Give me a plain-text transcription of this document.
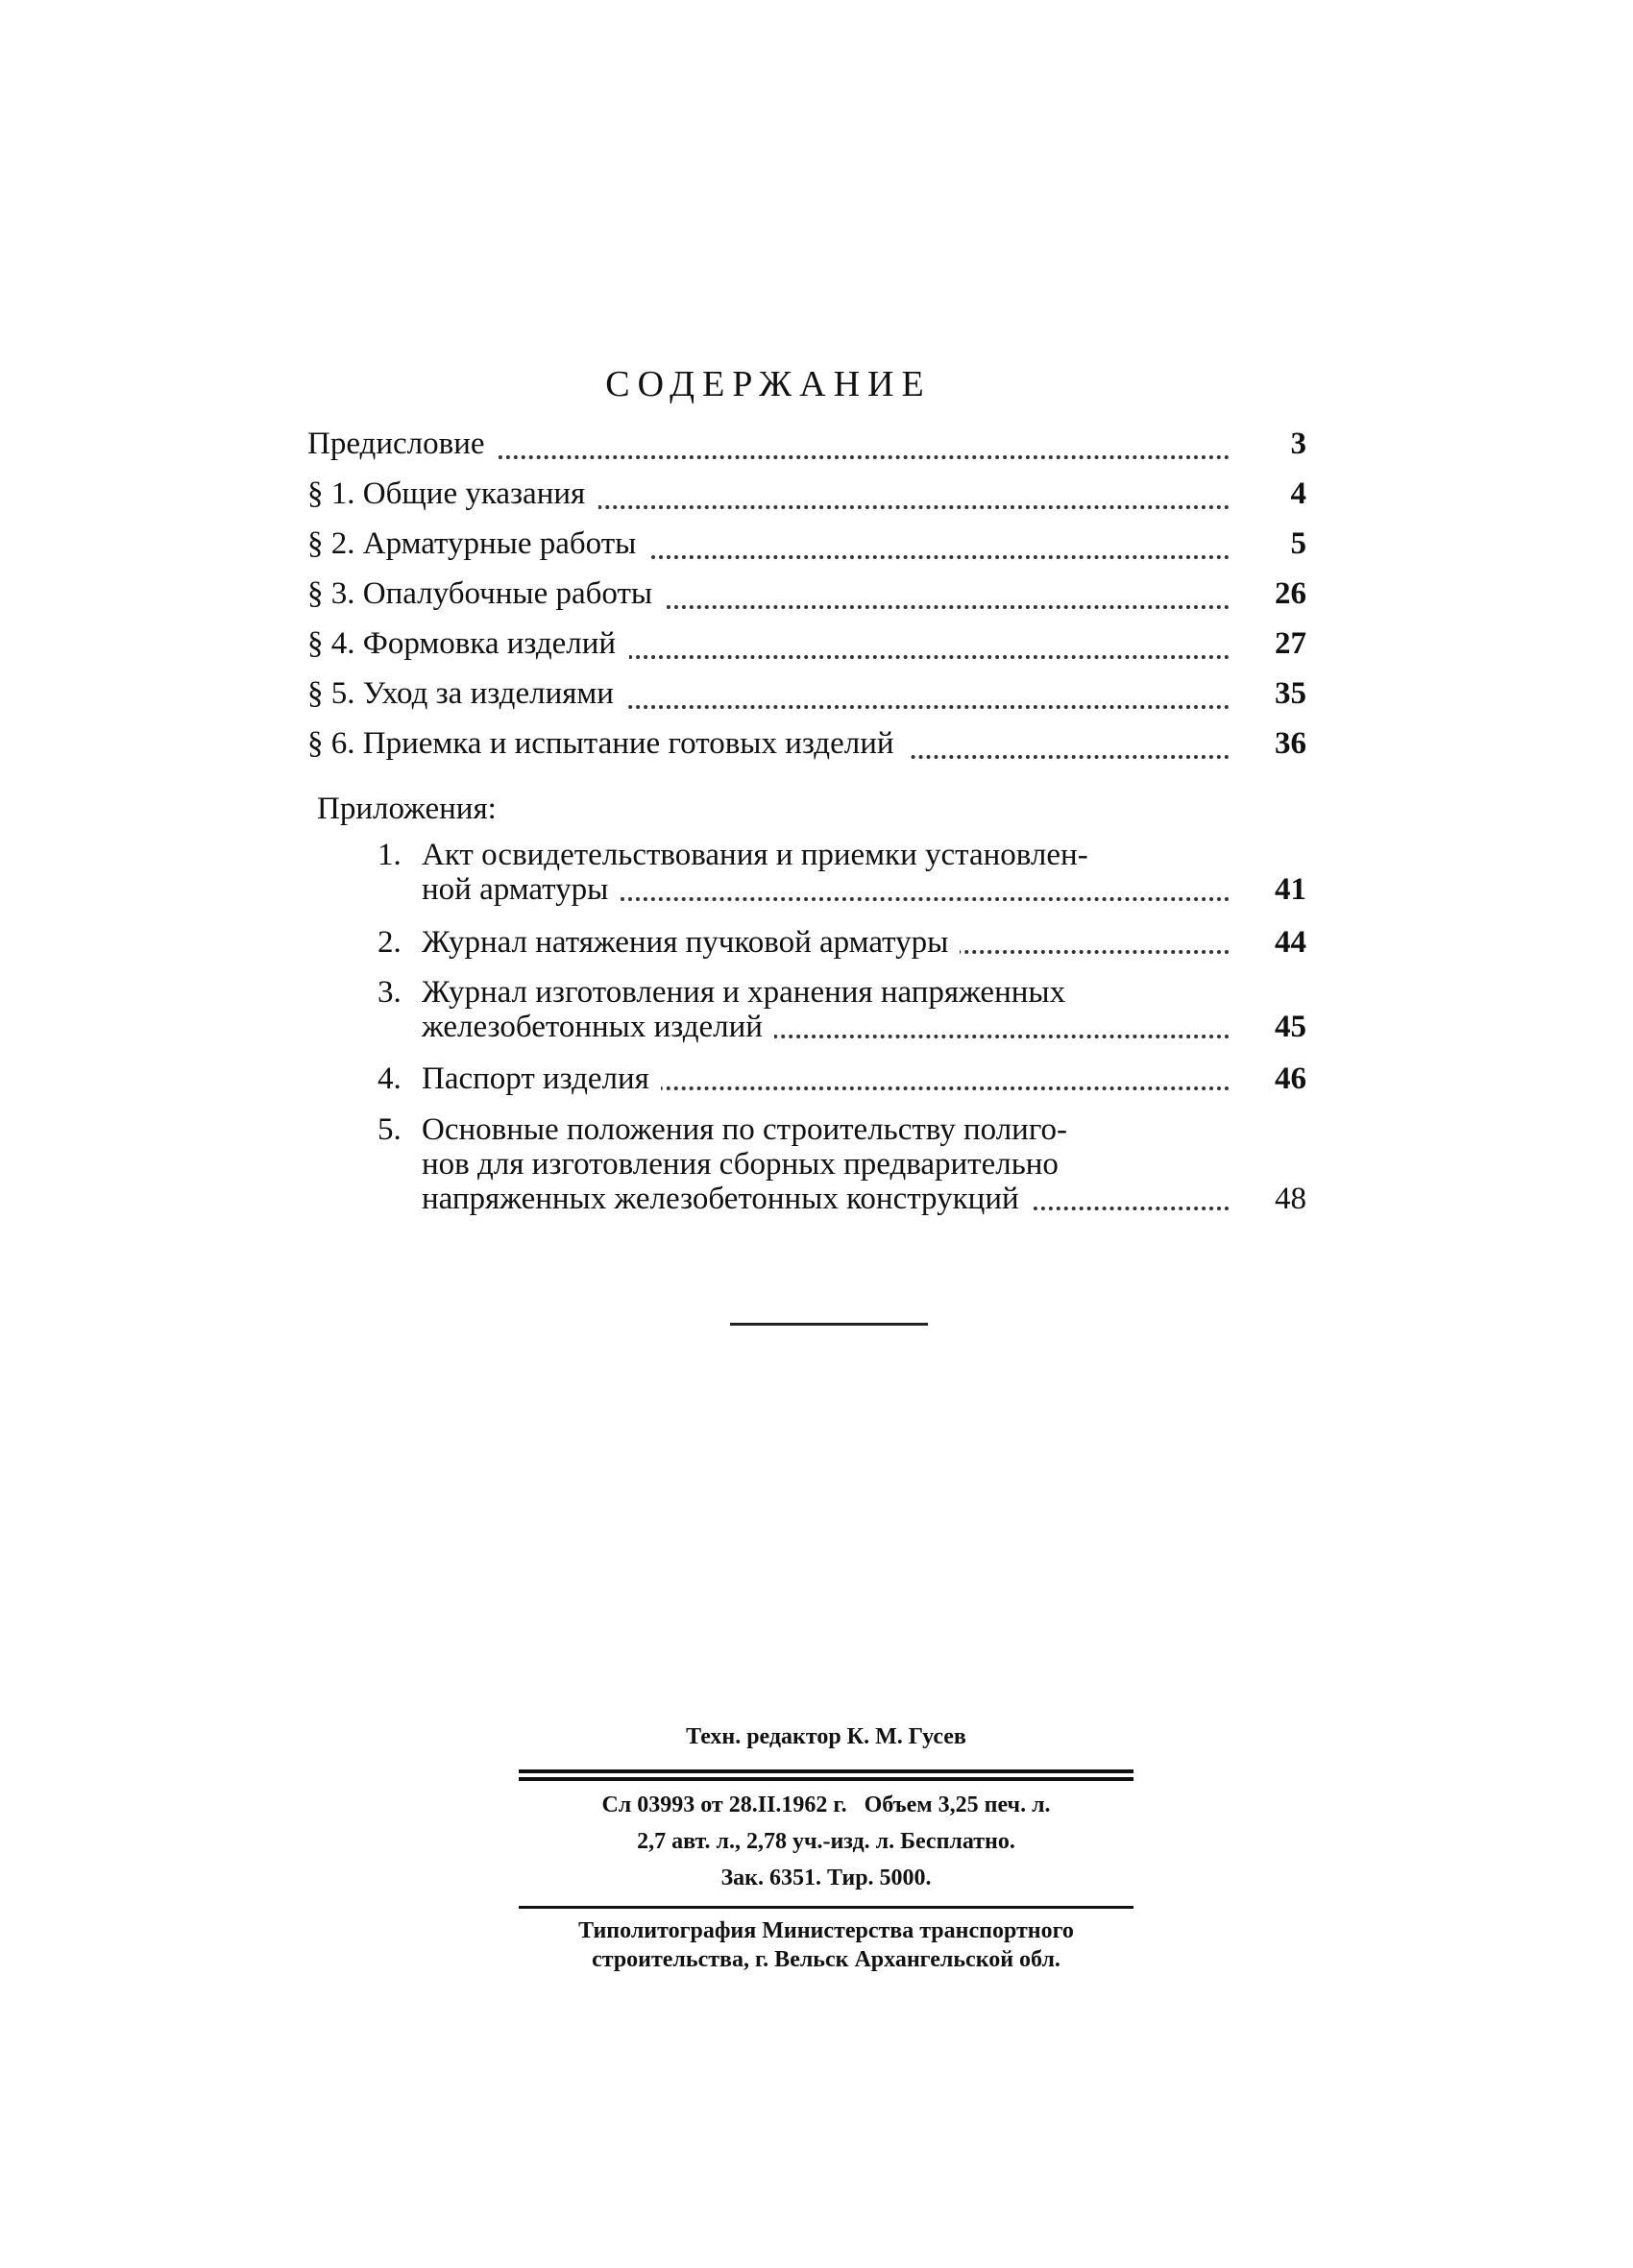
СОДЕРЖАНИЕ
Предисловие	3
§ 1. Общие указания	4
§ 2. Арматурные работы	5
§ 3. Опалубочные работы	26
§ 4. Формовка изделий	27
§ 5. Уход за изделиями	35
§ 6. Приемка и испытание готовых изделий	36
Приложения:
1. Акт освидетельствования и приемки установлен-
ной арматуры	41
2. Журнал натяжения пучковой арматуры	44
3. Журнал изготовления и хранения напряженных
железобетонных изделий	45
4. Паспорт изделия	46
5. Основные положения по строительству полиго-
нов для изготовления сборных предварительно
напряженных железобетонных конструкций	48
Техн. редактор К. М. Гусев
Сл 03993 от 28.II.1962 г.   Объем 3,25 печ. л.
2,7 авт. л., 2,78 уч.-изд. л. Бесплатно.
Зак. 6351. Тир. 5000.
Типолитография Министерства транспортного
строительства, г. Вельск Архангельской обл.
